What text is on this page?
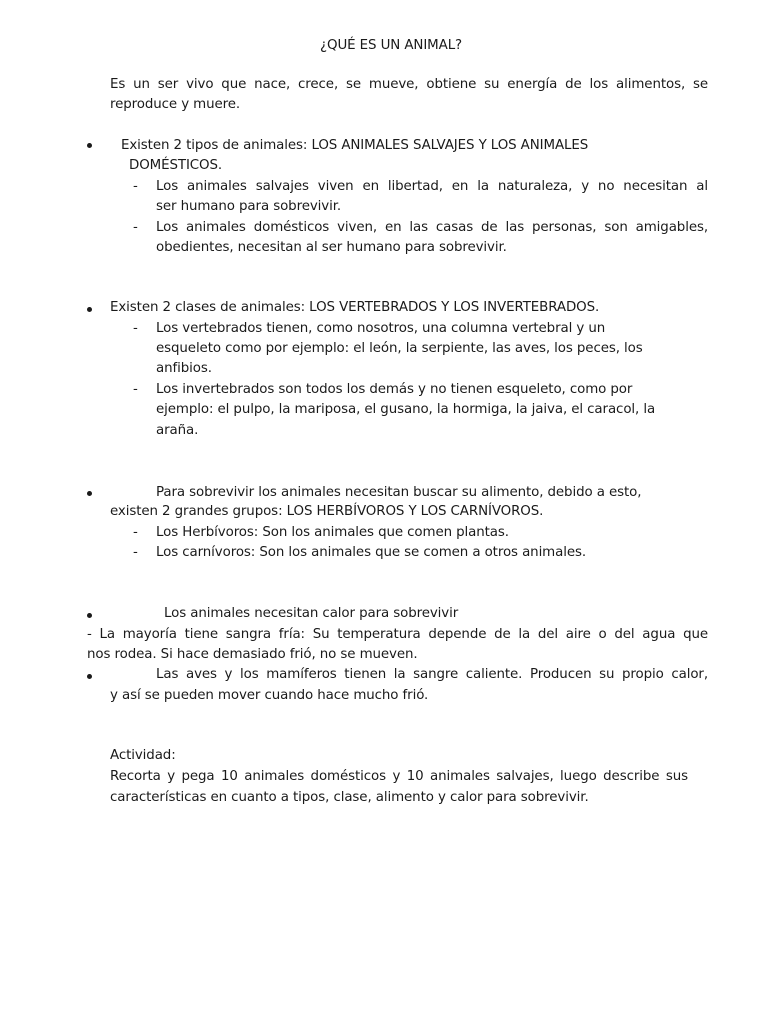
¿QUÉ ES UN ANIMAL?
Es un ser vivo que nace, crece, se mueve, obtiene su energía de los alimentos, se
reproduce y muere.
Existen 2 tipos de animales: LOS ANIMALES SALVAJES Y LOS ANIMALES
DOMÉSTICOS.
- Los animales salvajes viven en libertad, en la naturaleza, y no necesitan al
ser humano para sobrevivir.
- Los animales domésticos viven, en las casas de las personas, son amigables,
obedientes, necesitan al ser humano para sobrevivir.
Existen 2 clases de animales: LOS VERTEBRADOS Y LOS INVERTEBRADOS.
- Los vertebrados tienen, como nosotros, una columna vertebral y un
esqueleto como por ejemplo: el león, la serpiente, las aves, los peces, los
anfibios.
- Los invertebrados son todos los demás y no tienen esqueleto, como por
ejemplo: el pulpo, la mariposa, el gusano, la hormiga, la jaiva, el caracol, la
araña.
Para sobrevivir los animales necesitan buscar su alimento, debido a esto,
existen 2 grandes grupos: LOS HERBÍVOROS Y LOS CARNÍVOROS.
- Los Herbívoros: Son los animales que comen plantas.
- Los carnívoros: Son los animales que se comen a otros animales.
Los animales necesitan calor para sobrevivir
- La mayoría tiene sangra fría: Su temperatura depende de la del aire o del agua que
nos rodea. Si hace demasiado frió, no se mueven.
Las aves y los mamíferos tienen la sangre caliente. Producen su propio calor,
y así se pueden mover cuando hace mucho frió.
Actividad:
Recorta y pega 10 animales domésticos y 10 animales salvajes, luego describe sus
características en cuanto a tipos, clase, alimento y calor para sobrevivir.
